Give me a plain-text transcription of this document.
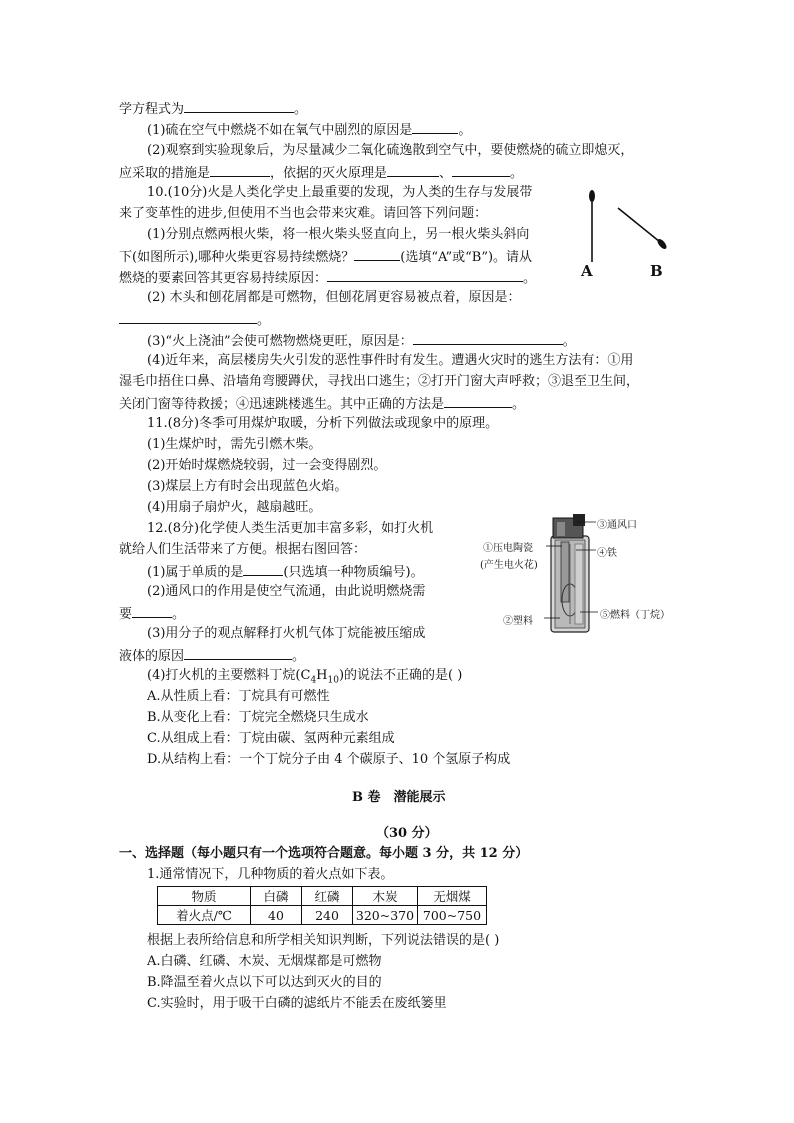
学方程式为	。
(1)硫在空气中燃烧不如在氧气中剧烈的原因是	。
(2)观察到实验现象后，为尽量减少二氧化硫逸散到空气中，要使燃烧的硫立即熄灭，
应采取的措施是	，依据的灭火原理是	、	。
10.(10分)火是人类化学史上最重要的发现，为人类的生存与发展带
来了变革性的进步,但使用不当也会带来灾难。请回答下列问题：
(1)分别点燃两根火柴，将一根火柴头竖直向上，另一根火柴头斜向
下(如图所示),哪种火柴更容易持续燃烧？	(选填“A”或“B”)。请从
燃烧的要素回答其更容易持续原因：	。	A	B
(2) 木头和刨花屑都是可燃物，但刨花屑更容易被点着，原因是：
。
(3)“火上浇油”会使可燃物燃烧更旺，原因是：	。
(4)近年来，高层楼房失火引发的恶性事件时有发生。遭遇火灾时的逃生方法有：①用
湿毛巾捂住口鼻、沿墙角弯腰蹲伏，寻找出口逃生；②打开门窗大声呼救；③退至卫生间，
关闭门窗等待救援；④迅速跳楼逃生。其中正确的方法是	。
11.(8分)冬季可用煤炉取暖，分析下列做法或现象中的原理。
(1)生煤炉时，需先引燃木柴。
(2)开始时煤燃烧较弱，过一会变得剧烈。
(3)煤层上方有时会出现蓝色火焰。
(4)用扇子扇炉火，越扇越旺。
12.(8分)化学使人类生活更加丰富多彩，如打火机
就给人们生活带来了方便。根据右图回答：
(1)属于单质的是	(只选填一种物质编号)。
(2)通风口的作用是使空气流通，由此说明燃烧需
要	。
(3)用分子的观点解释打火机气体丁烷能被压缩成
液体的原因	。
(4)打火机的主要燃料丁烷$(C_4H_{10})$的说法不正确的是( )
A.从性质上看：丁烷具有可燃性
B.从变化上看：丁烷完全燃烧只生成水
C.从组成上看：丁烷由碳、氢两种元素组成
D.从结构上看：一个丁烷分子由 4 个碳原子、10 个氢原子构成
③通风口
④铁
①压电陶瓷
(产生电火花)
②塑料
⑤燃料（丁烷）
B 卷　潜能展示
（30 分）
一、选择题（每小题只有一个选项符合题意。每小题 3 分，共 12 分）
1.通常情况下，几种物质的着火点如下表。
物质	白磷	红磷	木炭	无烟煤
着火点/℃	40	240	320~370	700~750
根据上表所给信息和所学相关知识判断，下列说法错误的是( )
A.白磷、红磷、木炭、无烟煤都是可燃物
B.降温至着火点以下可以达到灭火的目的
C.实验时，用于吸干白磷的滤纸片不能丢在废纸篓里
